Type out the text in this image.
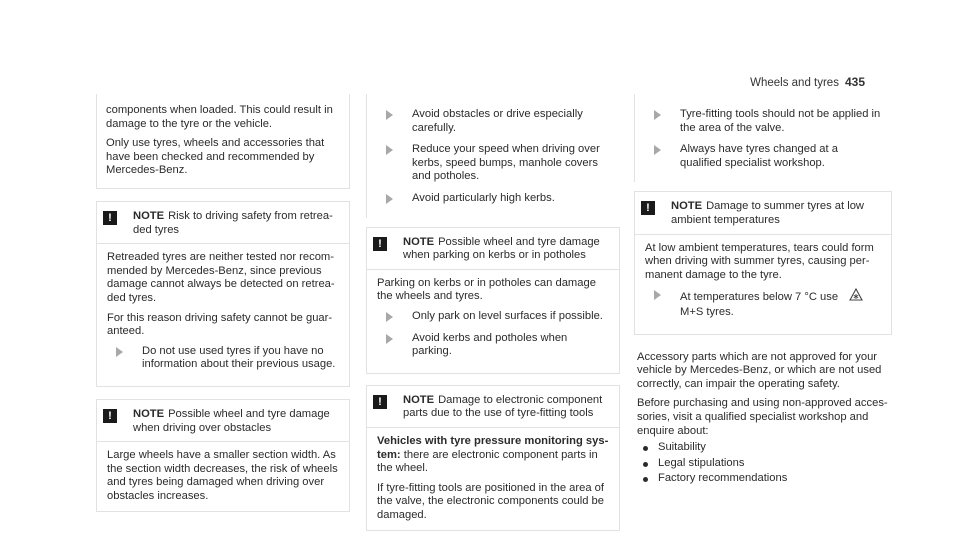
Wheels and tyres 435

components when loaded. This could result in damage to the tyre or the vehicle.

Only use tyres, wheels and accessories that have been checked and recommended by Mercedes-Benz.

!	NOTE Risk to driving safety from retreaded tyres

Retreaded tyres are neither tested nor recommended by Mercedes-Benz, since previous damage cannot always be detected on retreaded tyres.

For this reason driving safety cannot be guaranteed.

Do not use used tyres if you have no information about their previous usage.
!	NOTE Possible wheel and tyre damage when driving over obstacles

Large wheels have a smaller section width. As the section width decreases, the risk of wheels and tyres being damaged when driving over obstacles increases.

Avoid obstacles or drive especially carefully.
Reduce your speed when driving over kerbs, speed bumps, manhole covers and potholes.
Avoid particularly high kerbs.
!	NOTE Possible wheel and tyre damage when parking on kerbs or in potholes

Parking on kerbs or in potholes can damage the wheels and tyres.

Only park on level surfaces if possible.
Avoid kerbs and potholes when parking.
!	NOTE Damage to electronic component parts due to the use of tyre-fitting tools

Vehicles with tyre pressure monitoring system: there are electronic component parts in the wheel.

If tyre-fitting tools are positioned in the area of the valve, the electronic components could be damaged.

Tyre-fitting tools should not be applied in the area of the valve.
Always have tyres changed at a qualified specialist workshop.
!	NOTE Damage to summer tyres at low ambient temperatures

At low ambient temperatures, tears could form when driving with summer tyres, causing permanent damage to the tyre.

At temperatures below 7 °C use
M+S tyres.

Accessory parts which are not approved for your vehicle by Mercedes-Benz, or which are not used correctly, can impair the operating safety.

Before purchasing and using non-approved accessories, visit a qualified specialist workshop and enquire about:

Suitability
Legal stipulations
Factory recommendations
